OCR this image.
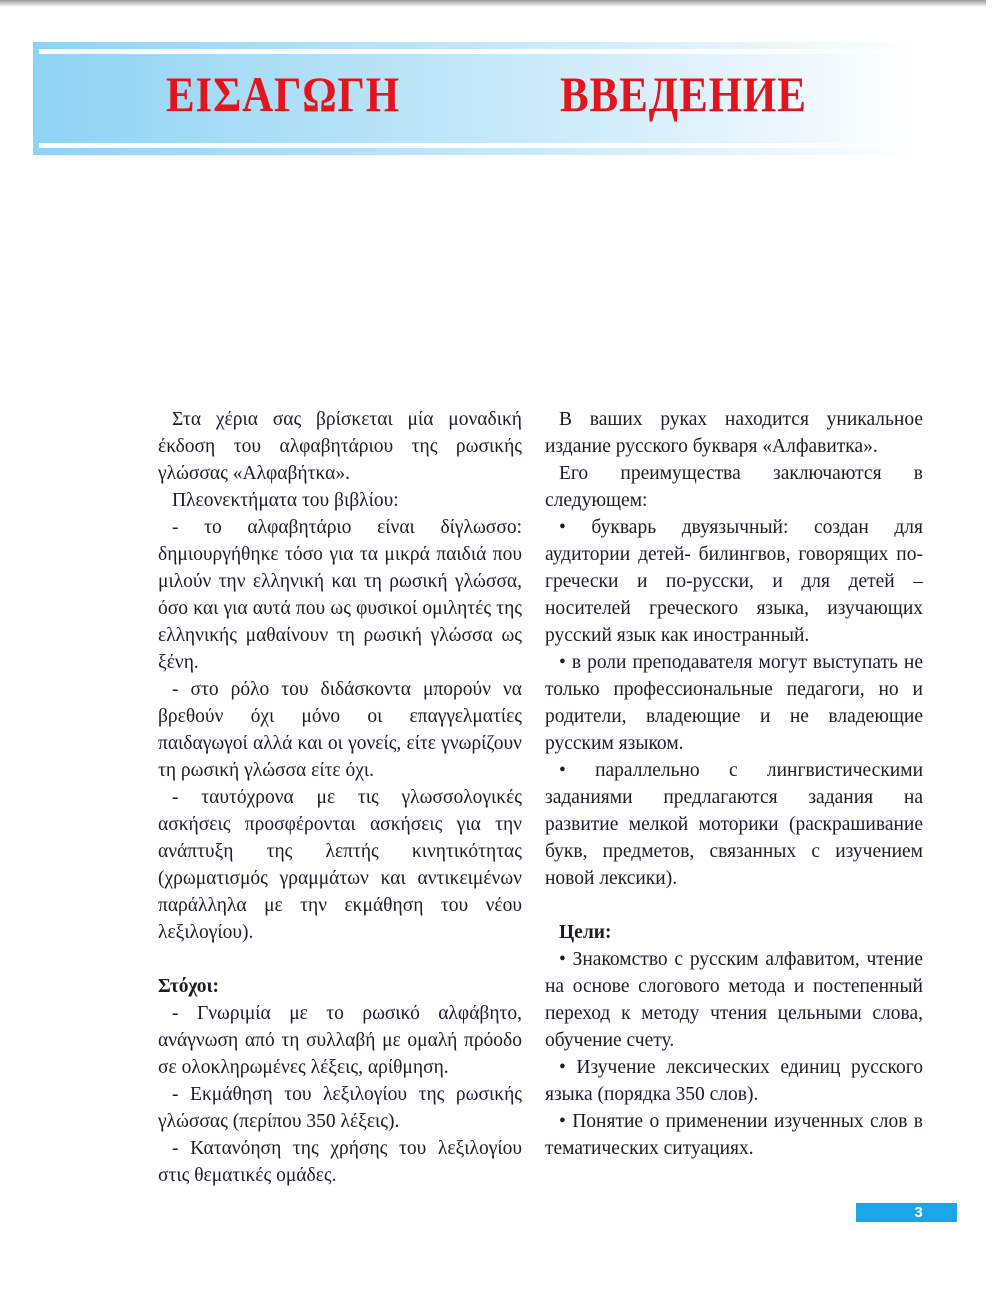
ΕΙΣΑΓΩΓΗ	ВВЕДЕНИЕ

Στα χέρια σας βρίσκεται μία μοναδική έκδοση του αλφαβητάριου της ρωσικής γλώσσας «Αλφαβήτκα».

Πλεονεκτήματα του βιβλίου:

- το αλφαβητάριο είναι δίγλωσσο: δημιουργήθηκε τόσο για τα μικρά παιδιά που μιλούν την ελληνική και τη ρωσική γλώσσα, όσο και για αυτά που ως φυσικοί ομιλητές της ελληνικής μαθαίνουν τη ρωσική γλώσσα ως ξένη.

- στο ρόλο του διδάσκοντα μπορούν να βρεθούν όχι μόνο οι επαγγελματίες παιδαγωγοί αλλά και οι γονείς, είτε γνωρίζουν τη ρωσική γλώσσα είτε όχι.

- ταυτόχρονα με τις γλωσσολογικές ασκήσεις προσφέρονται ασκήσεις για την ανάπτυξη της λεπτής κινητικότητας (χρωματισμός γραμμάτων και αντικειμένων παράλληλα με την εκμάθηση του νέου λεξιλογίου).

Στόχοι:

- Γνωριμία με το ρωσικό αλφάβητο, ανάγνωση από τη συλλαβή με ομαλή πρόοδο σε ολοκληρωμένες λέξεις, αρίθμηση.

- Εκμάθηση του λεξιλογίου της ρωσικής γλώσσας (περίπου 350 λέξεις).

- Κατανόηση της χρήσης του λεξιλογίου στις θεματικές ομάδες.

В ваших руках находится уникальное издание русского букваря «Алфавитка».

Его преимущества заключаются в следующем:

• букварь двуязычный: создан для аудитории детей- билингвов, говорящих по-гречески и по-русски, и для детей – носителей греческого языка, изучающих русский язык как иностранный.

• в роли преподавателя могут выступать не только профессиональные педагоги, но и родители, владеющие и не владеющие русским языком.

• параллельно с лингвистическими заданиями предлагаются задания на развитие мелкой моторики (раскрашивание букв, предметов, связанных с изучением новой лексики).

Цели:

• Знакомство с русским алфавитом, чтение на основе слогового метода и постепенный переход к методу чтения цельными слова, обучение счету.

• Изучение лексических единиц русского языка (порядка 350 слов).

• Понятие о применении изученных слов в тематических ситуациях.

3
